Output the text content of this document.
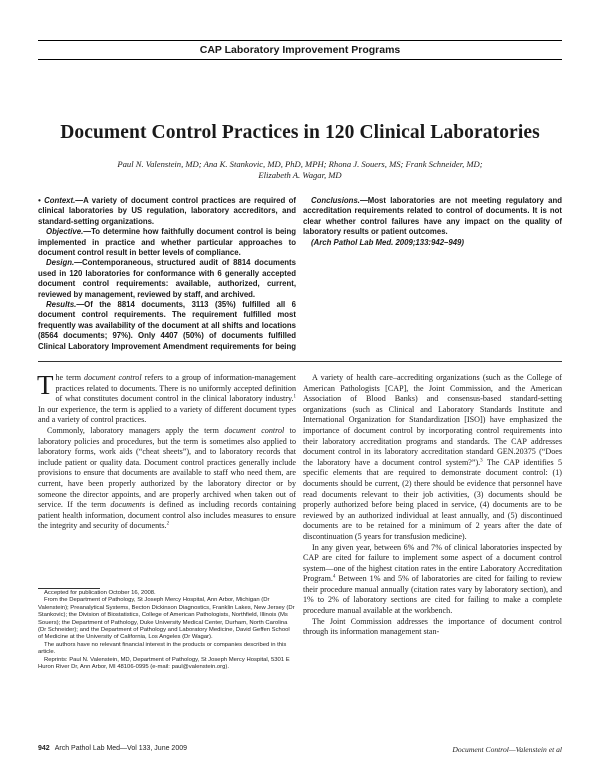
CAP Laboratory Improvement Programs
Document Control Practices in 120 Clinical Laboratories
Paul N. Valenstein, MD; Ana K. Stankovic, MD, PhD, MPH; Rhona J. Souers, MS; Frank Schneider, MD;
Elizabeth A. Wagar, MD

• Context.—A variety of document control practices are required of clinical laboratories by US regulation, laboratory accreditors, and standard-setting organizations.

Objective.—To determine how faithfully document control is being implemented in practice and whether particular approaches to document control result in better levels of compliance.

Design.—Contemporaneous, structured audit of 8814 documents used in 120 laboratories for conformance with 6 generally accepted document control requirements: available, authorized, current, reviewed by management, reviewed by staff, and archived.

Results.—Of the 8814 documents, 3113 (35%) fulfilled all 6 document control requirements. The requirement fulfilled most frequently was availability of the document at all shifts and locations (8564 documents; 97%). Only 4407 (50%) of documents fulfilled Clinical Laboratory Improvement Amendment requirements for being

Conclusions.—Most laboratories are not meeting regulatory and accreditation requirements related to control of documents. It is not clear whether control failures have any impact on the quality of laboratory results or patient outcomes.

(Arch Pathol Lab Med. 2009;133:942–949)

The term document control refers to a group of information-management practices related to documents. There is no uniformly accepted definition of what constitutes document control in the clinical laboratory industry.$^1$ In our experience, the term is applied to a variety of different document types and a variety of control practices.

Commonly, laboratory managers apply the term document control to laboratory policies and procedures, but the term is sometimes also applied to laboratory forms, work aids (“cheat sheets”), and to laboratory records that include patient or quality data. Document control practices generally include provisions to ensure that documents are available to staff who need them, are current, have been properly authorized by the laboratory director or by someone the director appoints, and are properly archived when taken out of service. If the term documents is defined as including records containing patient health information, document control also includes measures to ensure the integrity and security of documents.$^2$

A variety of health care–accrediting organizations (such as the College of American Pathologists [CAP], the Joint Commission, and the American Association of Blood Banks) and consensus-based standard-setting organizations (such as Clinical and Laboratory Standards Institute and International Organization for Standardization [ISO]) have emphasized the importance of document control by incorporating control requirements into their laboratory accreditation programs and standards. The CAP addresses document control in its laboratory accreditation standard GEN.20375 (“Does the laboratory have a document control system?”).$^3$ The CAP identifies 5 specific elements that are required to demonstrate document control: (1) documents should be current, (2) there should be evidence that personnel have read documents relevant to their job activities, (3) documents should be properly authorized before being placed in service, (4) documents are to be reviewed by an authorized individual at least annually, and (5) discontinued documents are to be retained for a minimum of 2 years after the date of discontinuation (5 years for transfusion medicine).

In any given year, between 6% and 7% of clinical laboratories inspected by CAP are cited for failure to implement some aspect of a document control system—one of the highest citation rates in the entire Laboratory Accreditation Program.$^4$ Between 1% and 5% of laboratories are cited for failing to review their procedure manual annually (citation rates vary by laboratory section), and 1% to 2% of laboratory sections are cited for failing to make a complete procedure manual available at the workbench.

The Joint Commission addresses the importance of document control through its information management stan-

Accepted for publication October 16, 2008.

From the Department of Pathology, St Joseph Mercy Hospital, Ann Arbor, Michigan (Dr Valenstein); Preanalytical Systems, Becton Dickinson Diagnostics, Franklin Lakes, New Jersey (Dr Stankovic); the Division of Biostatistics, College of American Pathologists, Northfield, Illinois (Ms Souers); the Department of Pathology, Duke University Medical Center, Durham, North Carolina (Dr Schneider); and the Department of Pathology and Laboratory Medicine, David Geffen School of Medicine at the University of California, Los Angeles (Dr Wagar).

The authors have no relevant financial interest in the products or companies described in this article.

Reprints: Paul N. Valenstein, MD, Department of Pathology, St Joseph Mercy Hospital, 5301 E Huron River Dr, Ann Arbor, MI 48106-0995 (e-mail: paul@valenstein.org).

942 Arch Pathol Lab Med—Vol 133, June 2009	Document Control—Valenstein et al
